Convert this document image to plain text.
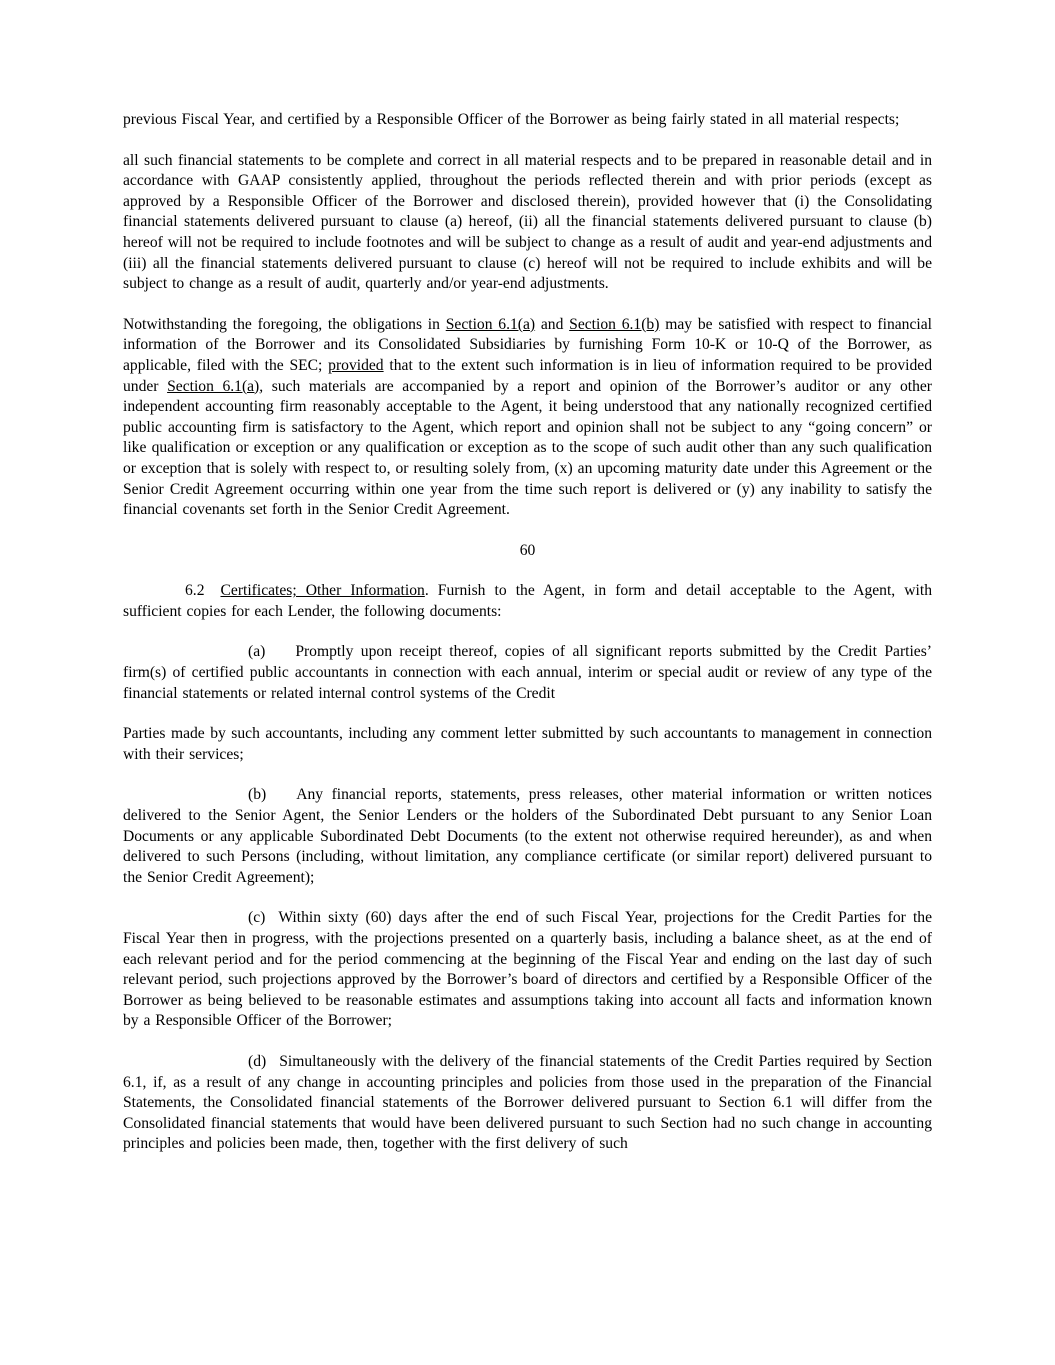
previous Fiscal Year, and certified by a Responsible Officer of the Borrower as being fairly stated in all material respects;

all such financial statements to be complete and correct in all material respects and to be prepared in reasonable detail and in accordance with GAAP consistently applied, throughout the periods reflected therein and with prior periods (except as approved by a Responsible Officer of the Borrower and disclosed therein), provided however that (i) the Consolidating financial statements delivered pursuant to clause (a) hereof, (ii) all the financial statements delivered pursuant to clause (b) hereof will not be required to include footnotes and will be subject to change as a result of audit and year-end adjustments and (iii) all the financial statements delivered pursuant to clause (c) hereof will not be required to include exhibits and will be subject to change as a result of audit, quarterly and/or year-end adjustments.

Notwithstanding the foregoing, the obligations in Section 6.1(a) and Section 6.1(b) may be satisfied with respect to financial information of the Borrower and its Consolidated Subsidiaries by furnishing Form 10-K or 10-Q of the Borrower, as applicable, filed with the SEC; provided that to the extent such information is in lieu of information required to be provided under Section 6.1(a), such materials are accompanied by a report and opinion of the Borrower’s auditor or any other independent accounting firm reasonably acceptable to the Agent, it being understood that any nationally recognized certified public accounting firm is satisfactory to the Agent, which report and opinion shall not be subject to any “going concern” or like qualification or exception or any qualification or exception as to the scope of such audit other than any such qualification or exception that is solely with respect to, or resulting solely from, (x) an upcoming maturity date under this Agreement or the Senior Credit Agreement occurring within one year from the time such report is delivered or (y) any inability to satisfy the financial covenants set forth in the Senior Credit Agreement.

60

6.2 Certificates; Other Information. Furnish to the Agent, in form and detail acceptable to the Agent, with sufficient copies for each Lender, the following documents:

(a) Promptly upon receipt thereof, copies of all significant reports submitted by the Credit Parties’ firm(s) of certified public accountants in connection with each annual, interim or special audit or review of any type of the financial statements or related internal control systems of the Credit

Parties made by such accountants, including any comment letter submitted by such accountants to management in connection with their services;

(b) Any financial reports, statements, press releases, other material information or written notices delivered to the Senior Agent, the Senior Lenders or the holders of the Subordinated Debt pursuant to any Senior Loan Documents or any applicable Subordinated Debt Documents (to the extent not otherwise required hereunder), as and when delivered to such Persons (including, without limitation, any compliance certificate (or similar report) delivered pursuant to the Senior Credit Agreement);

(c) Within sixty (60) days after the end of such Fiscal Year, projections for the Credit Parties for the Fiscal Year then in progress, with the projections presented on a quarterly basis, including a balance sheet, as at the end of each relevant period and for the period commencing at the beginning of the Fiscal Year and ending on the last day of such relevant period, such projections approved by the Borrower’s board of directors and certified by a Responsible Officer of the Borrower as being believed to be reasonable estimates and assumptions taking into account all facts and information known by a Responsible Officer of the Borrower;

(d) Simultaneously with the delivery of the financial statements of the Credit Parties required by Section 6.1, if, as a result of any change in accounting principles and policies from those used in the preparation of the Financial Statements, the Consolidated financial statements of the Borrower delivered pursuant to Section 6.1 will differ from the Consolidated financial statements that would have been delivered pursuant to such Section had no such change in accounting principles and policies been made, then, together with the first delivery of such
